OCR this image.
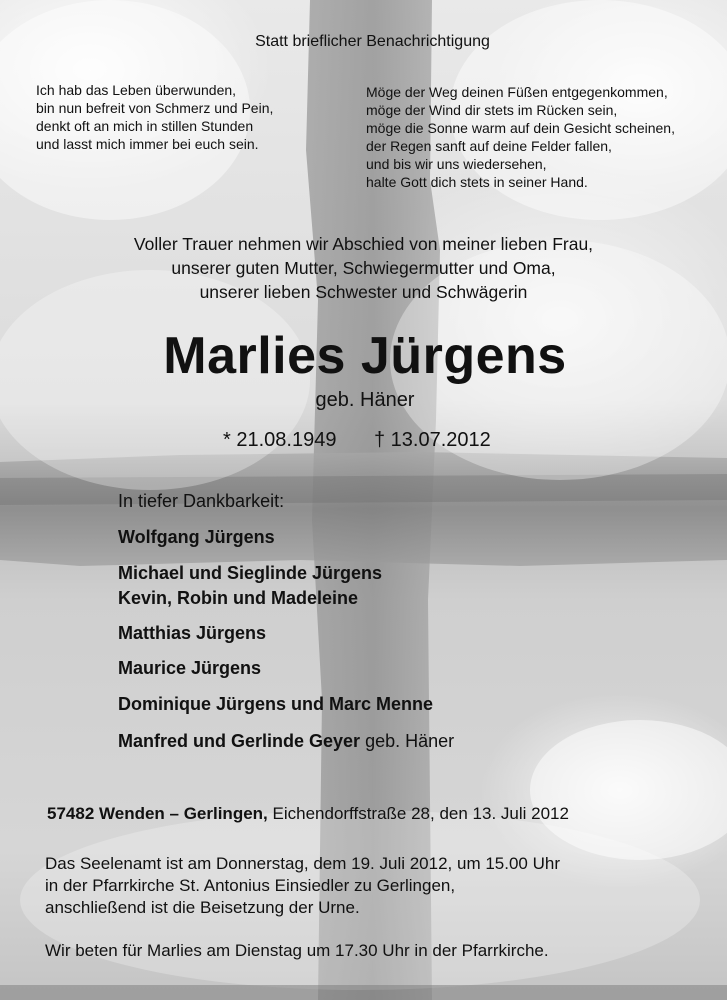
Statt brieflicher Benachrichtigung
Ich hab das Leben überwunden,
bin nun befreit von Schmerz und Pein,
denkt oft an mich in stillen Stunden
und lasst mich immer bei euch sein.
Möge der Weg deinen Füßen entgegenkommen,
möge der Wind dir stets im Rücken sein,
möge die Sonne warm auf dein Gesicht scheinen,
der Regen sanft auf deine Felder fallen,
und bis wir uns wiedersehen,
halte Gott dich stets in seiner Hand.
Voller Trauer nehmen wir Abschied von meiner lieben Frau,
unserer guten Mutter, Schwiegermutter und Oma,
unserer lieben Schwester und Schwägerin
Marlies Jürgens
geb. Häner
* 21.08.1949 † 13.07.2012
In tiefer Dankbarkeit:
Wolfgang Jürgens
Michael und Sieglinde Jürgens
Kevin, Robin und Madeleine
Matthias Jürgens
Maurice Jürgens
Dominique Jürgens und Marc Menne
Manfred und Gerlinde Geyer geb. Häner
57482 Wenden – Gerlingen, Eichendorffstraße 28, den 13. Juli 2012
Das Seelenamt ist am Donnerstag, dem 19. Juli 2012, um 15.00 Uhr
in der Pfarrkirche St. Antonius Einsiedler zu Gerlingen,
anschließend ist die Beisetzung der Urne.
Wir beten für Marlies am Dienstag um 17.30 Uhr in der Pfarrkirche.
